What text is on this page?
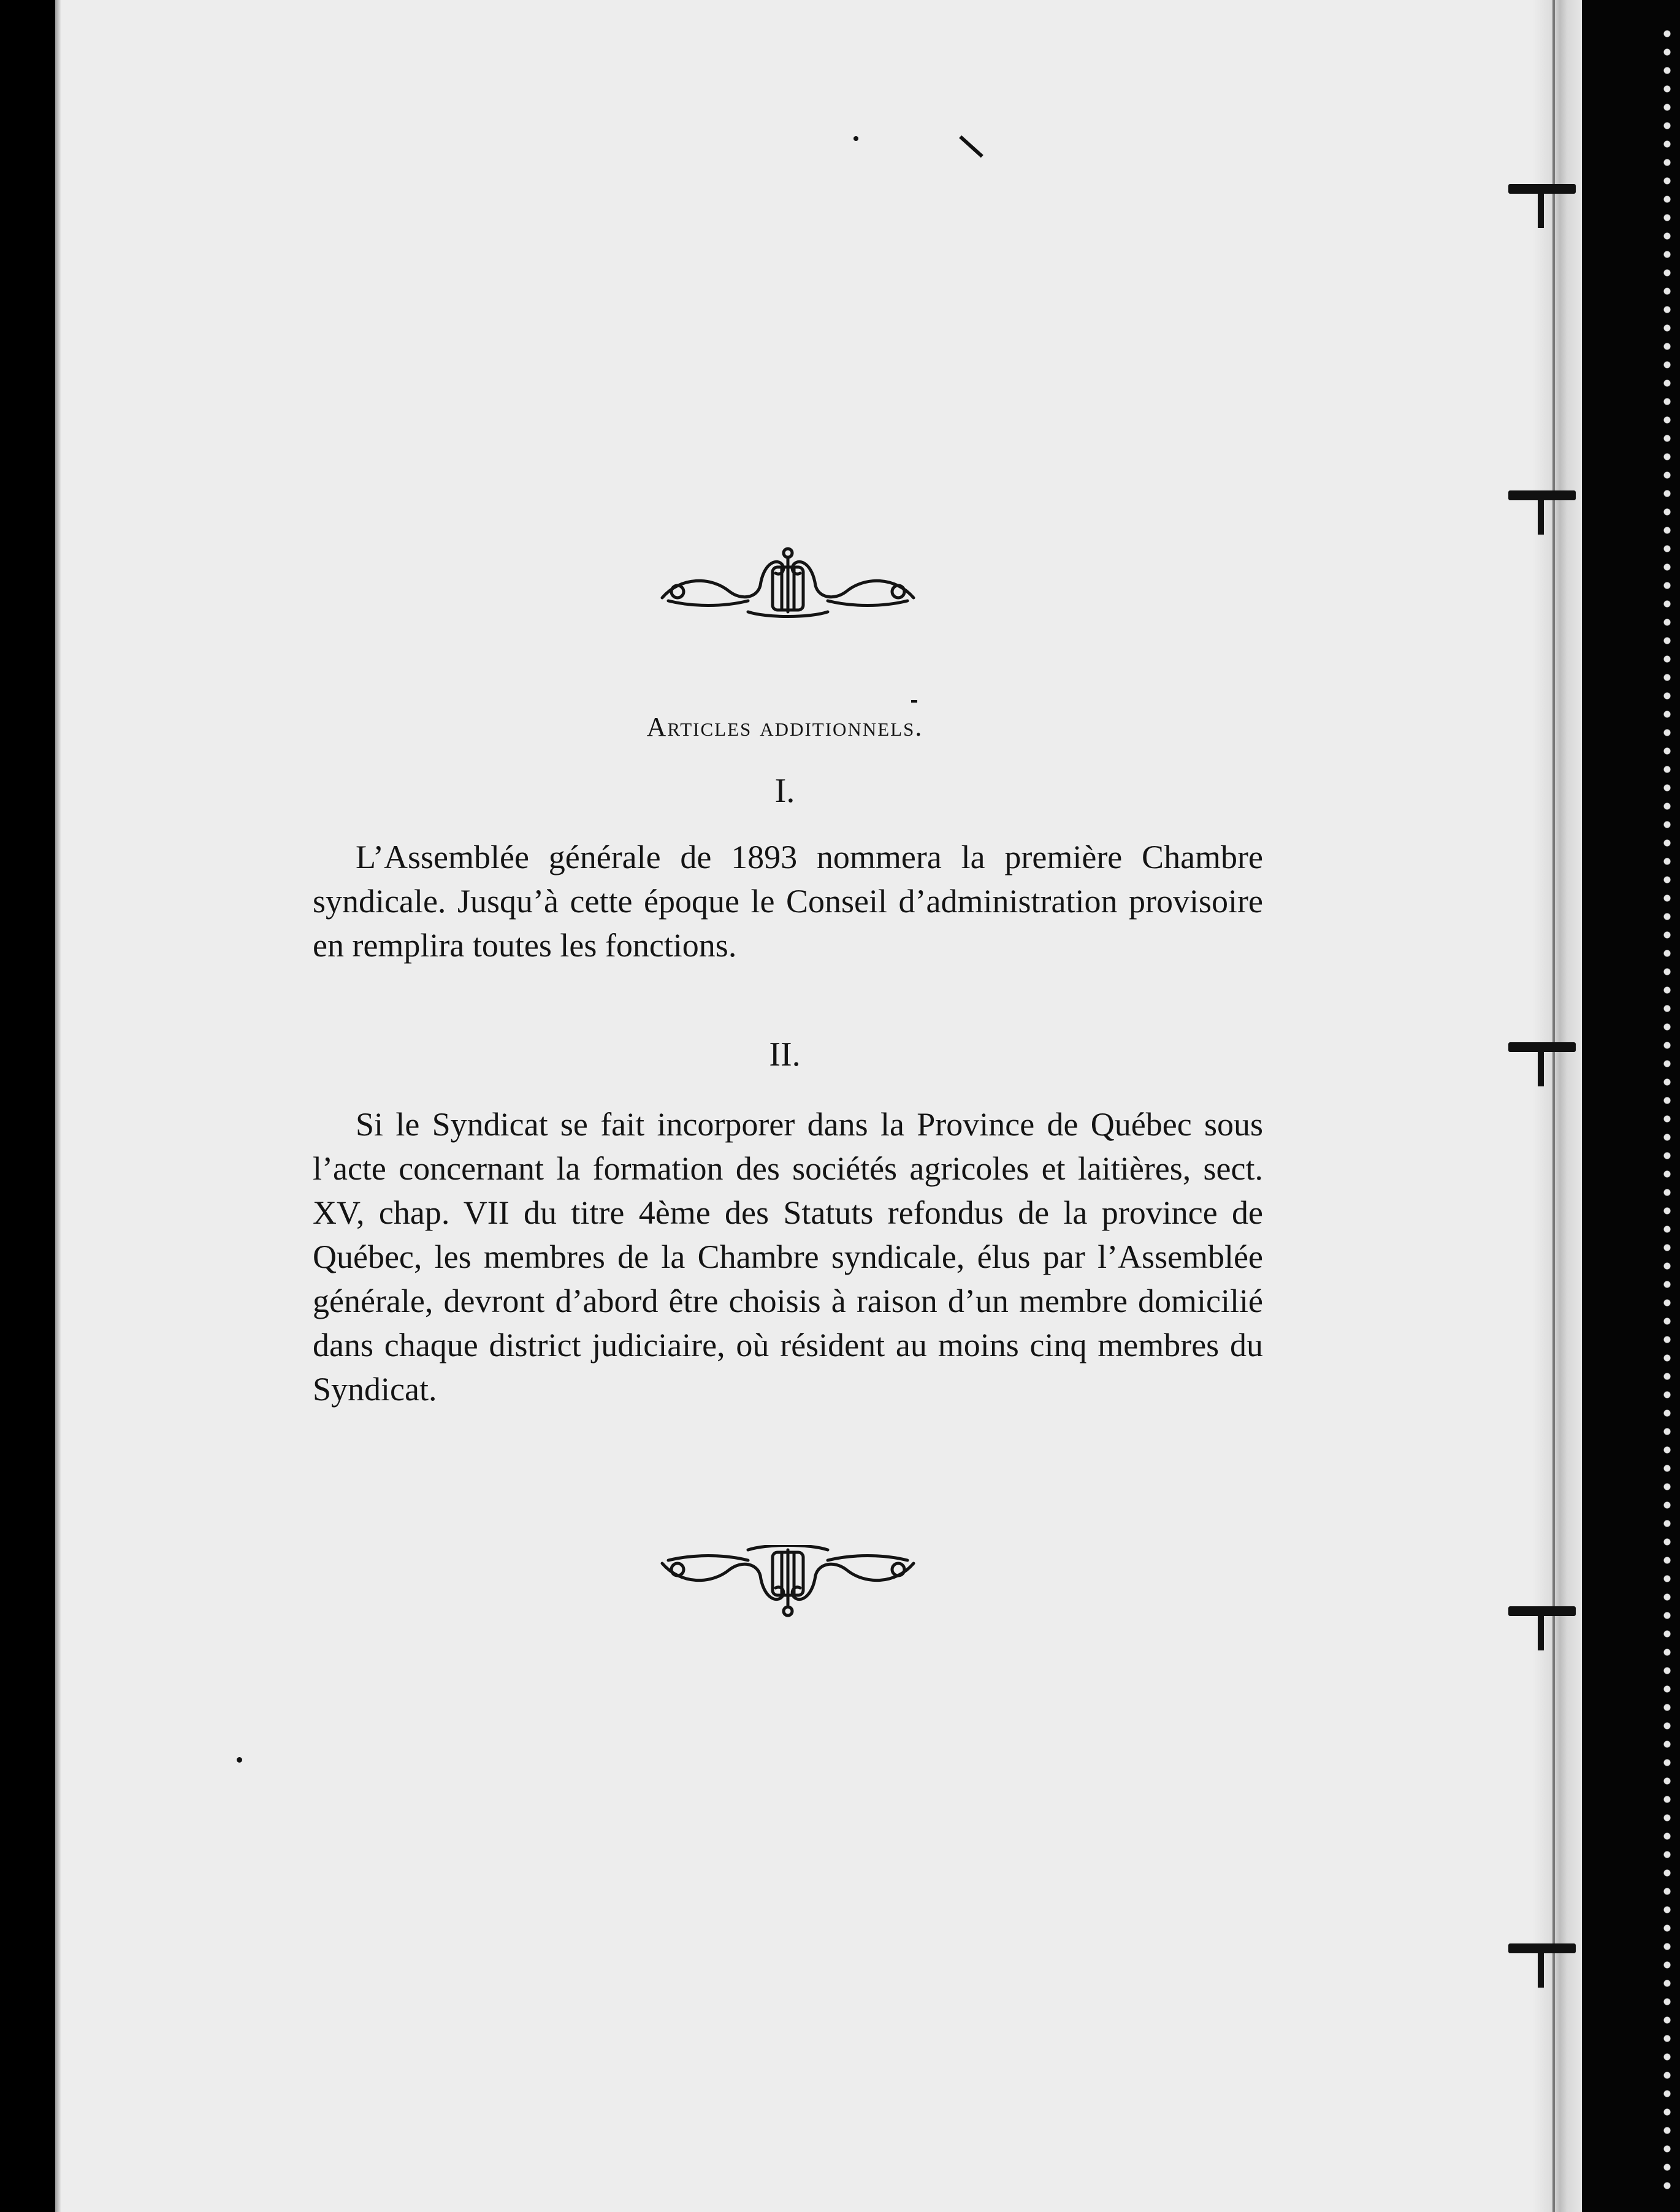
Articles additionnels.
I.

L’Assemblée générale de 1893 nommera la première Chambre syndicale. Jusqu’à cette époque le Conseil d’administration provisoire en remplira toutes les fonctions.

II.

Si le Syndicat se fait incorporer dans la Province de Québec sous l’acte concernant la formation des sociétés agricoles et laitières, sect. XV, chap. VII du titre 4ème des Statuts refondus de la province de Québec, les membres de la Chambre syndicale, élus par l’Assemblée générale, devront d’abord être choisis à raison d’un membre domicilié dans chaque district judiciaire, où résident au moins cinq membres du Syndicat.
